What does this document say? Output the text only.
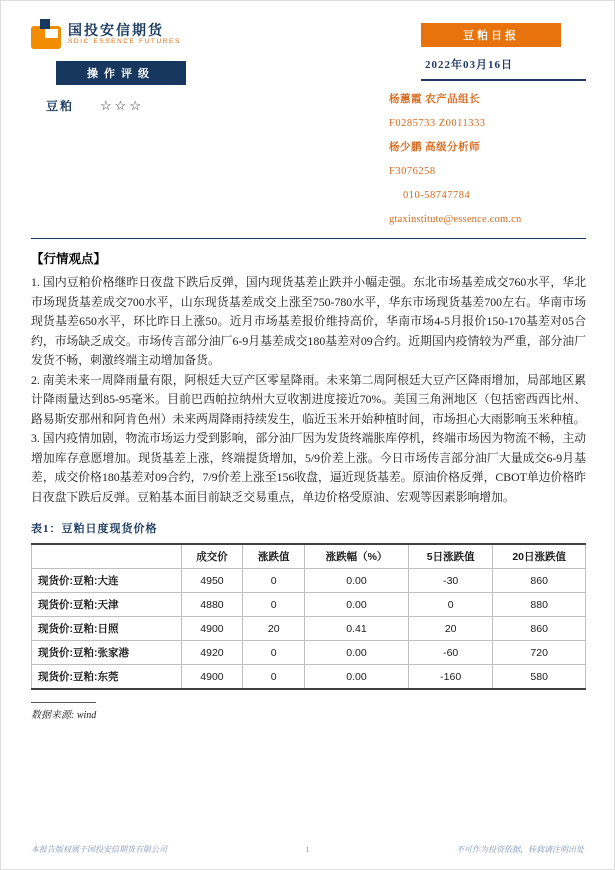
国投安信期货
SDIC ESSENCE FUTURES	豆粕日报
2022年03月16日
操作评级
豆粕 ☆☆☆	杨蕙霞 农产品组长
F0285733 Z0011333
杨少鹏 高级分析师
F3076258
010-58747784
gtaxinstitute@essence.com.cn
【行情观点】

1. 国内豆粕价格继昨日夜盘下跌后反弹，国内现货基差止跌并小幅走强。东北市场基差成交760水平，华北市场现货基差成交700水平，山东现货基差成交上涨至750-780水平，华东市场现货基差700左右。华南市场现货基差650水平，环比昨日上涨50。近月市场基差报价维持高价，华南市场4-5月报价150-170基差对05合约，市场缺乏成交。市场传言部分油厂6-9月基差成交180基差对09合约。近期国内疫情较为严重，部分油厂发货不畅，刺激终端主动增加备货。

2. 南美未来一周降雨量有限，阿根廷大豆产区零星降雨。未来第二周阿根廷大豆产区降雨增加，局部地区累计降雨量达到85-95毫米。目前巴西帕拉纳州大豆收割进度接近70%。美国三角洲地区（包括密西西比州、路易斯安那州和阿肯色州）未来两周降雨持续发生，临近玉米开始种植时间，市场担心大雨影响玉米种植。

3. 国内疫情加剧，物流市场运力受到影响，部分油厂因为发货终端胀库停机，终端市场因为物流不畅，主动增加库存意愿增加。现货基差上涨，终端提货增加，5/9价差上涨。今日市场传言部分油厂大量成交6-9月基差，成交价格180基差对09合约，7/9价差上涨至156收盘，逼近现货基差。原油价格反弹，CBOT单边价格昨日夜盘下跌后反弹。豆粕基本面目前缺乏交易重点，单边价格受原油、宏观等因素影响增加。

表1：豆粕日度现货价格
	成交价	涨跌值	涨跌幅（%）	5日涨跌值	20日涨跌值
现货价:豆粕:大连	4950	0	0.00	-30	860
现货价:豆粕:天津	4880	0	0.00	0	880
现货价:豆粕:日照	4900	20	0.41	20	860
现货价:豆粕:张家港	4920	0	0.00	-60	720
现货价:豆粕:东莞	4900	0	0.00	-160	580
数据来源: wind
本报告版权属于国投安信期货有限公司	1	不可作为投资依据，转载请注明出处
